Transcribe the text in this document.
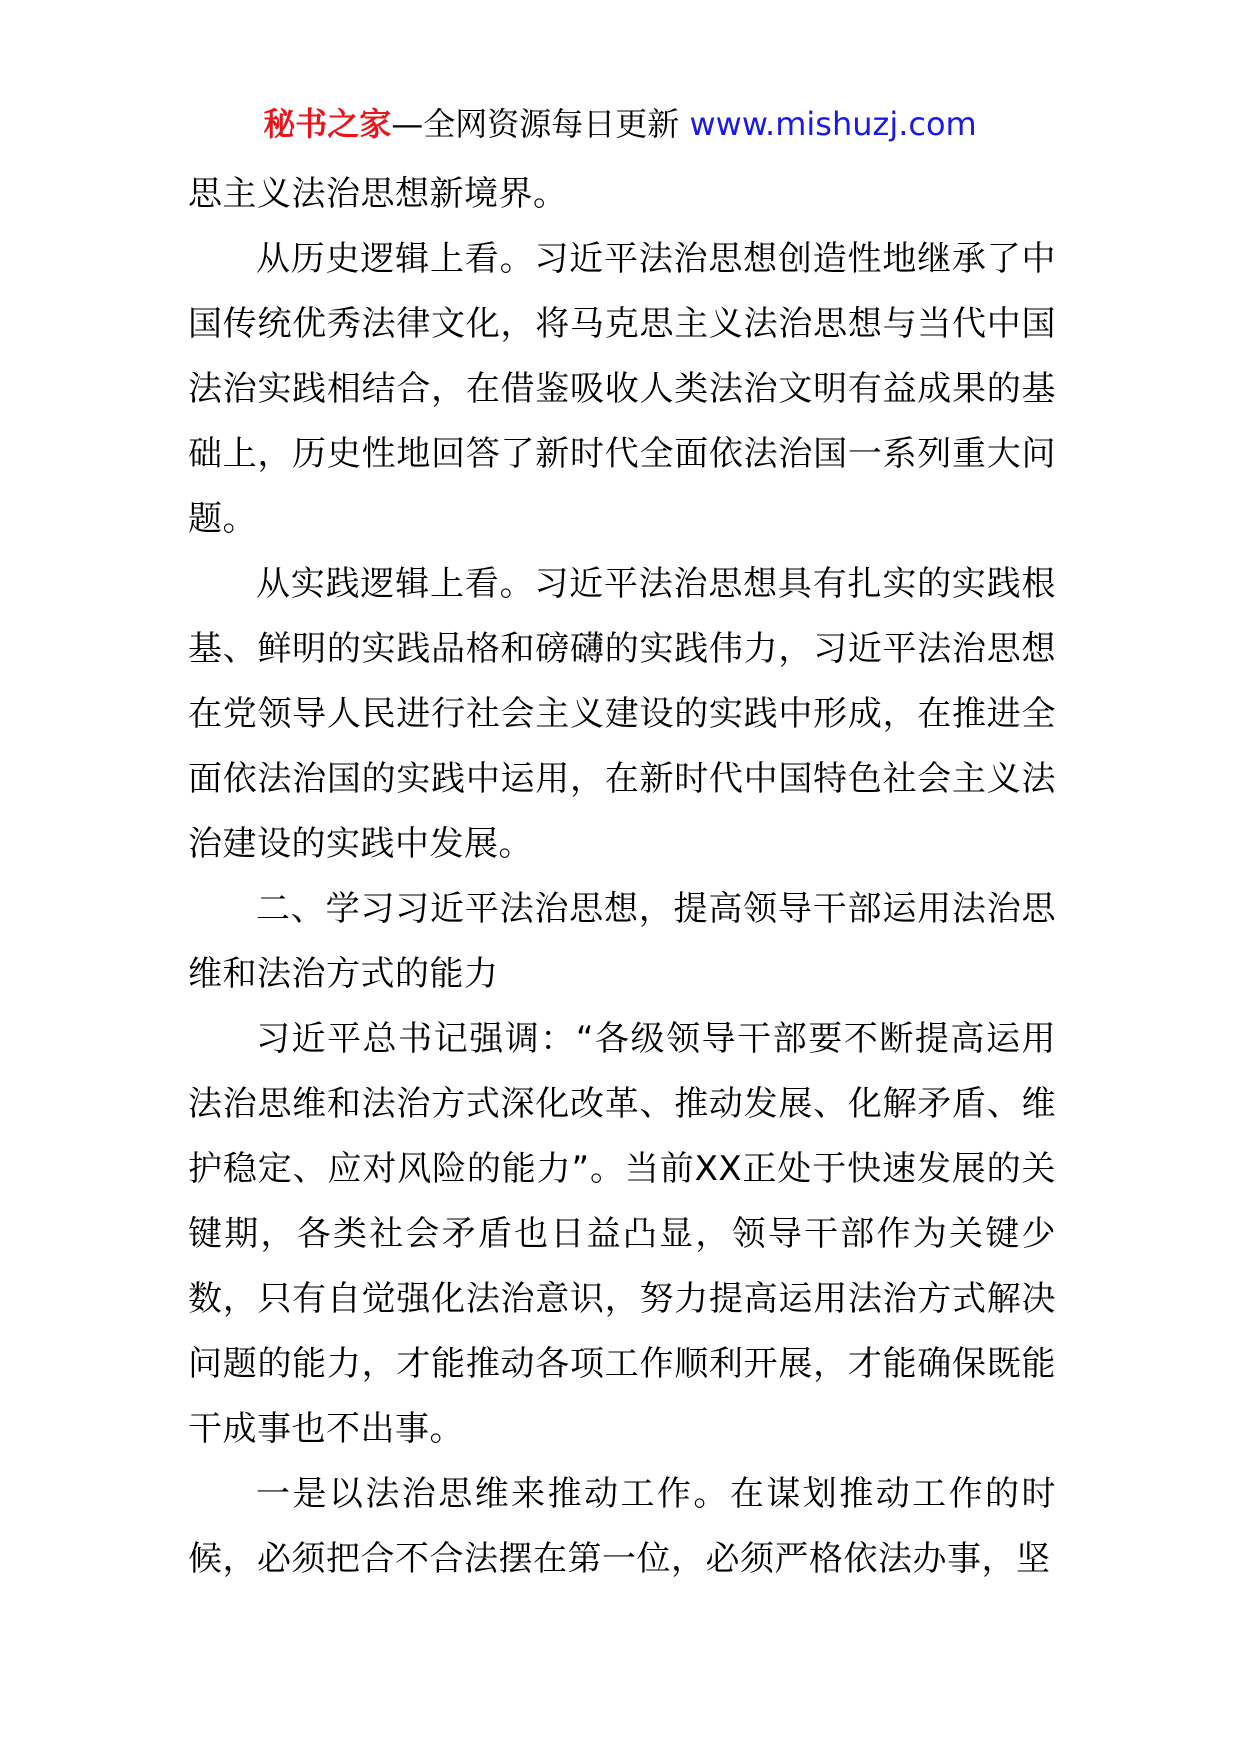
秘书之家—全网资源每日更新 www.mishuzj.com

思主义法治思想新境界。

从历史逻辑上看。习近平法治思想创造性地继承了中国传统优秀法律文化，将马克思主义法治思想与当代中国法治实践相结合，在借鉴吸收人类法治文明有益成果的基础上，历史性地回答了新时代全面依法治国一系列重大问题。

从实践逻辑上看。习近平法治思想具有扎实的实践根基、鲜明的实践品格和磅礴的实践伟力，习近平法治思想在党领导人民进行社会主义建设的实践中形成，在推进全面依法治国的实践中运用，在新时代中国特色社会主义法治建设的实践中发展。

二、学习习近平法治思想，提高领导干部运用法治思维和法治方式的能力

习近平总书记强调：“各级领导干部要不断提高运用法治思维和法治方式深化改革、推动发展、化解矛盾、维护稳定、应对风险的能力”。当前XX正处于快速发展的关键期，各类社会矛盾也日益凸显，领导干部作为关键少数，只有自觉强化法治意识，努力提高运用法治方式解决问题的能力，才能推动各项工作顺利开展，才能确保既能干成事也不出事。

一是以法治思维来推动工作。在谋划推动工作的时候，必须把合不合法摆在第一位，必须严格依法办事，坚
